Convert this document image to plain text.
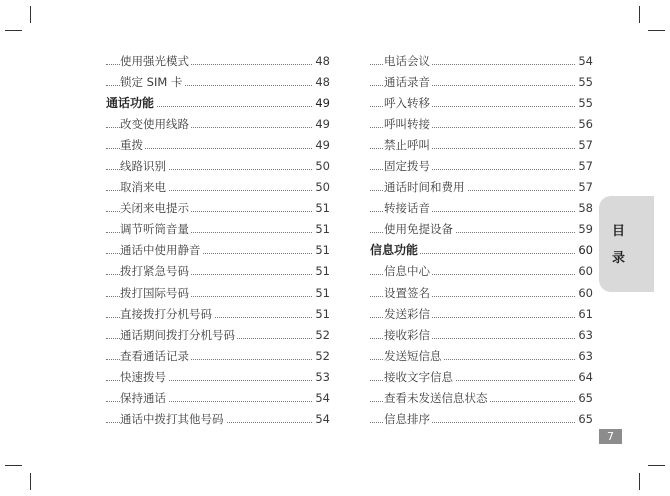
使用强光模式	48
锁定 SIM 卡	48
通话功能	49
改变使用线路	49
重拨	49
线路识别	50
取消来电	50
关闭来电提示	51
调节听筒音量	51
通话中使用静音	51
拨打紧急号码	51
拨打国际号码	51
直接拨打分机号码	51
通话期间拨打分机号码	52
查看通话记录	52
快速拨号	53
保持通话	54
通话中拨打其他号码	54
电话会议	54
通话录音	55
呼入转移	55
呼叫转接	56
禁止呼叫	57
固定拨号	57
通话时间和费用	57
转接话音	58
使用免提设备	59
信息功能	60
信息中心	60
设置签名	60
发送彩信	61
接收彩信	63
发送短信息	63
接收文字信息	64
查看未发送信息状态	65
信息排序	65
目
录
7
